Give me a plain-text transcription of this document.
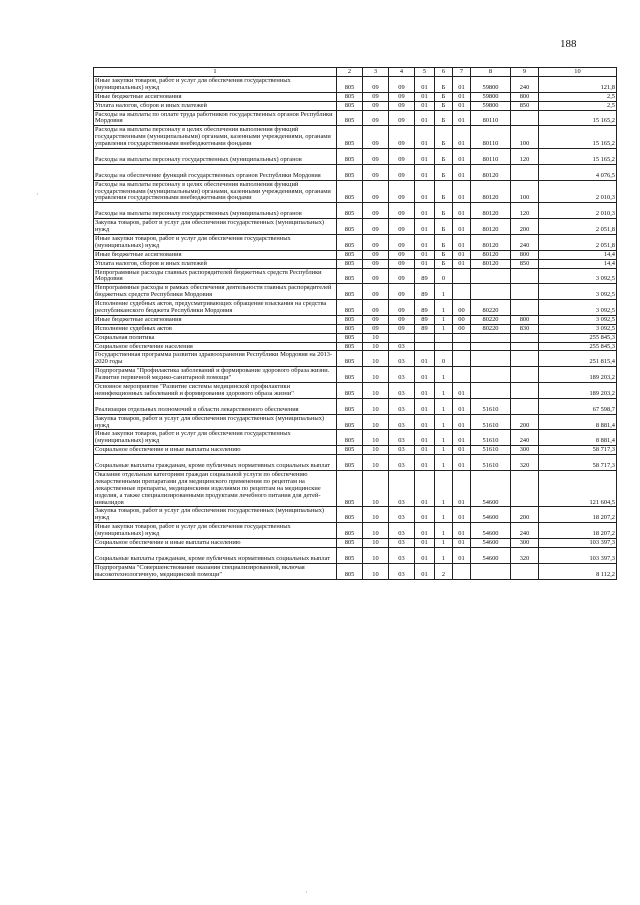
188
·
·
1	2	3	4	5	6	7	8	9	10
Иные закупки товаров, работ и услуг для обеспечения государственных (муниципальных) нужд	805	09	09	01	Б	01	59800	240	121,8
Иные бюджетные ассигнования	805	09	09	01	Б	01	59800	800	2,5
Уплата налогов, сборов и иных платежей	805	09	09	01	Б	01	59800	850	2,5
Расходы на выплаты по оплате труда работников государственных органов Республики Мордовия	805	09	09	01	Б	01	80110		15 165,2
Расходы на выплаты персоналу в целях обеспечения выполнения функций государственными (муниципальными) органами, казенными учреждениями, органами управления государственными внебюджетными фондами	805	09	09	01	Б	01	80110	100	15 165,2
Расходы на выплаты персоналу государственных (муниципальных) органов	805	09	09	01	Б	01	80110	120	15 165,2
Расходы на обеспечение функций государственных органов Республики Мордовия	805	09	09	01	Б	01	80120		4 076,5
Расходы на выплаты персоналу в целях обеспечения выполнения функций государственными (муниципальными) органами, казенными учреждениями, органами управления государственными внебюджетными фондами	805	09	09	01	Б	01	80120	100	2 010,3
Расходы на выплаты персоналу государственных (муниципальных) органов	805	09	09	01	Б	01	80120	120	2 010,3
Закупка товаров, работ и услуг для обеспечения государственных (муниципальных) нужд	805	09	09	01	Б	01	80120	200	2 051,8
Иные закупки товаров, работ и услуг для обеспечения государственных (муниципальных) нужд	805	09	09	01	Б	01	80120	240	2 051,8
Иные бюджетные ассигнования	805	09	09	01	Б	01	80120	800	14,4
Уплата налогов, сборов и иных платежей	805	09	09	01	Б	01	80120	850	14,4
Непрограммные расходы главных распорядителей бюджетных средств Республики Мордовия	805	09	09	89	0				3 092,5
Непрограммные расходы в рамках обеспечения деятельности главных распорядителей бюджетных средств Республики Мордовия	805	09	09	89	1				3 092,5
Исполнение судебных актов, предусматривающих обращение взыскания на средства республиканского бюджета Республики Мордовия	805	09	09	89	1	00	80220		3 092,5
Иные бюджетные ассигнования	805	09	09	89	1	00	80220	800	3 092,5
Исполнение судебных актов	805	09	09	89	1	00	80220	830	3 092,5
Социальная политика	805	10							255 845,3
Социальное обеспечение населения	805	10	03						255 845,3
Государственная программа развития здравоохранения Республики Мордовия на 2013-2020 годы	805	10	03	01	0				251 815,4
Подпрограмма "Профилактика заболеваний и формирование здорового образа жизни. Развитие первичной медико-санитарной помощи"	805	10	03	01	1				189 203,2
Основное мероприятие "Развитие системы медицинской профилактики неинфекционных заболеваний и формирования здорового образа жизни"	805	10	03	01	1	01			189 203,2
Реализация отдельных полномочий в области лекарственного обеспечения	805	10	03	01	1	01	51610		67 598,7
Закупка товаров, работ и услуг для обеспечения государственных (муниципальных) нужд	805	10	03	01	1	01	51610	200	8 881,4
Иные закупки товаров, работ и услуг для обеспечения государственных (муниципальных) нужд	805	10	03	01	1	01	51610	240	8 881,4
Социальное обеспечение и иные выплаты населению	805	10	03	01	1	01	51610	300	58 717,3
Социальные выплаты гражданам, кроме публичных нормативных социальных выплат	805	10	03	01	1	01	51610	320	58 717,3
Оказание отдельным категориям граждан социальной услуги по обеспечению лекарственными препаратами для медицинского применения по рецептам на лекарственные препараты, медицинскими изделиями по рецептам на медицинские изделия, а также специализированными продуктами лечебного питания для детей-инвалидов	805	10	03	01	1	01	54600		121 604,5
Закупка товаров, работ и услуг для обеспечения государственных (муниципальных) нужд	805	10	03	01	1	01	54600	200	18 207,2
Иные закупки товаров, работ и услуг для обеспечения государственных (муниципальных) нужд	805	10	03	01	1	01	54600	240	18 207,2
Социальное обеспечение и иные выплаты населению	805	10	03	01	1	01	54600	300	103 397,3
Социальные выплаты гражданам, кроме публичных нормативных социальных выплат	805	10	03	01	1	01	54600	320	103 397,3
Подпрограмма "Совершенствование оказания специализированной, включая высокотехнологичную, медицинской помощи"	805	10	03	01	2				8 112,2
